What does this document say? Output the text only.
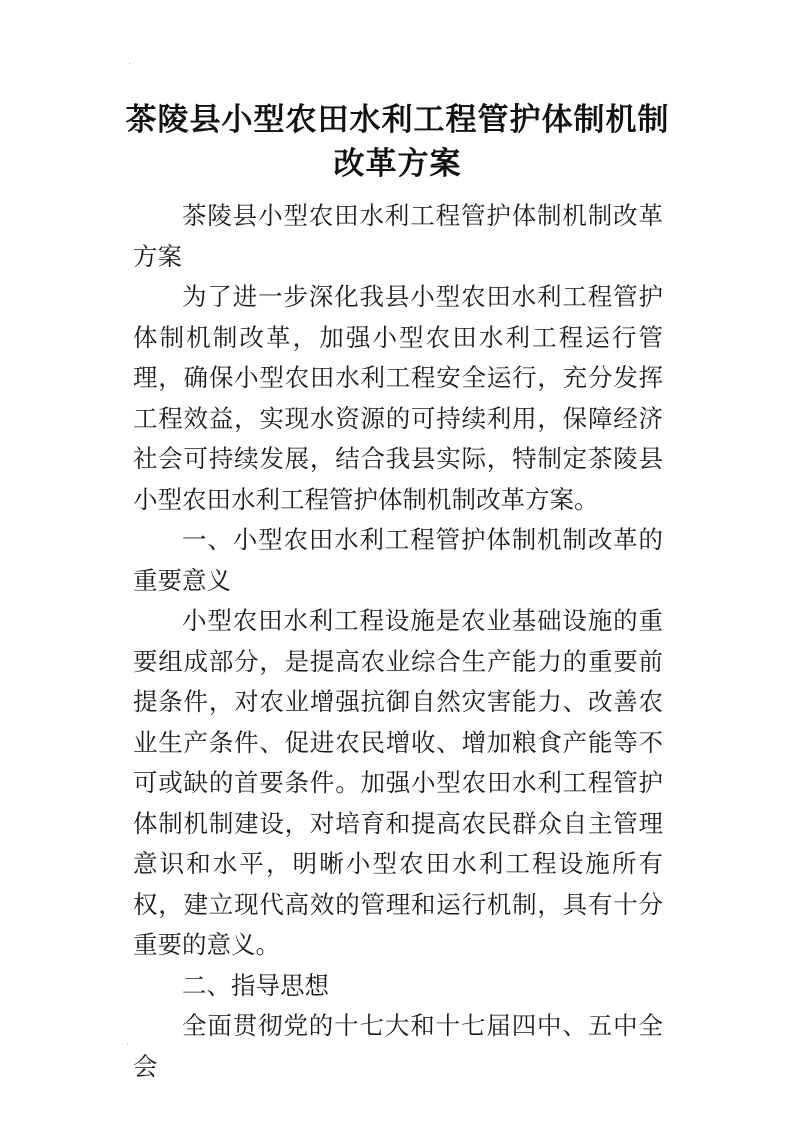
·
茶陵县小型农田水利工程管护体制机制改革方案

茶陵县小型农田水利工程管护体制机制改革方案

为了进一步深化我县小型农田水利工程管护体制机制改革，加强小型农田水利工程运行管理，确保小型农田水利工程安全运行，充分发挥工程效益，实现水资源的可持续利用，保障经济社会可持续发展，结合我县实际，特制定茶陵县小型农田水利工程管护体制机制改革方案。

一、小型农田水利工程管护体制机制改革的重要意义

小型农田水利工程设施是农业基础设施的重要组成部分，是提高农业综合生产能力的重要前提条件，对农业增强抗御自然灾害能力、改善农业生产条件、促进农民增收、增加粮食产能等不可或缺的首要条件。加强小型农田水利工程管护体制机制建设，对培育和提高农民群众自主管理意识和水平，明晰小型农田水利工程设施所有权，建立现代高效的管理和运行机制，具有十分重要的意义。

二、指导思想

全面贯彻党的十七大和十七届四中、五中全会

⸒
